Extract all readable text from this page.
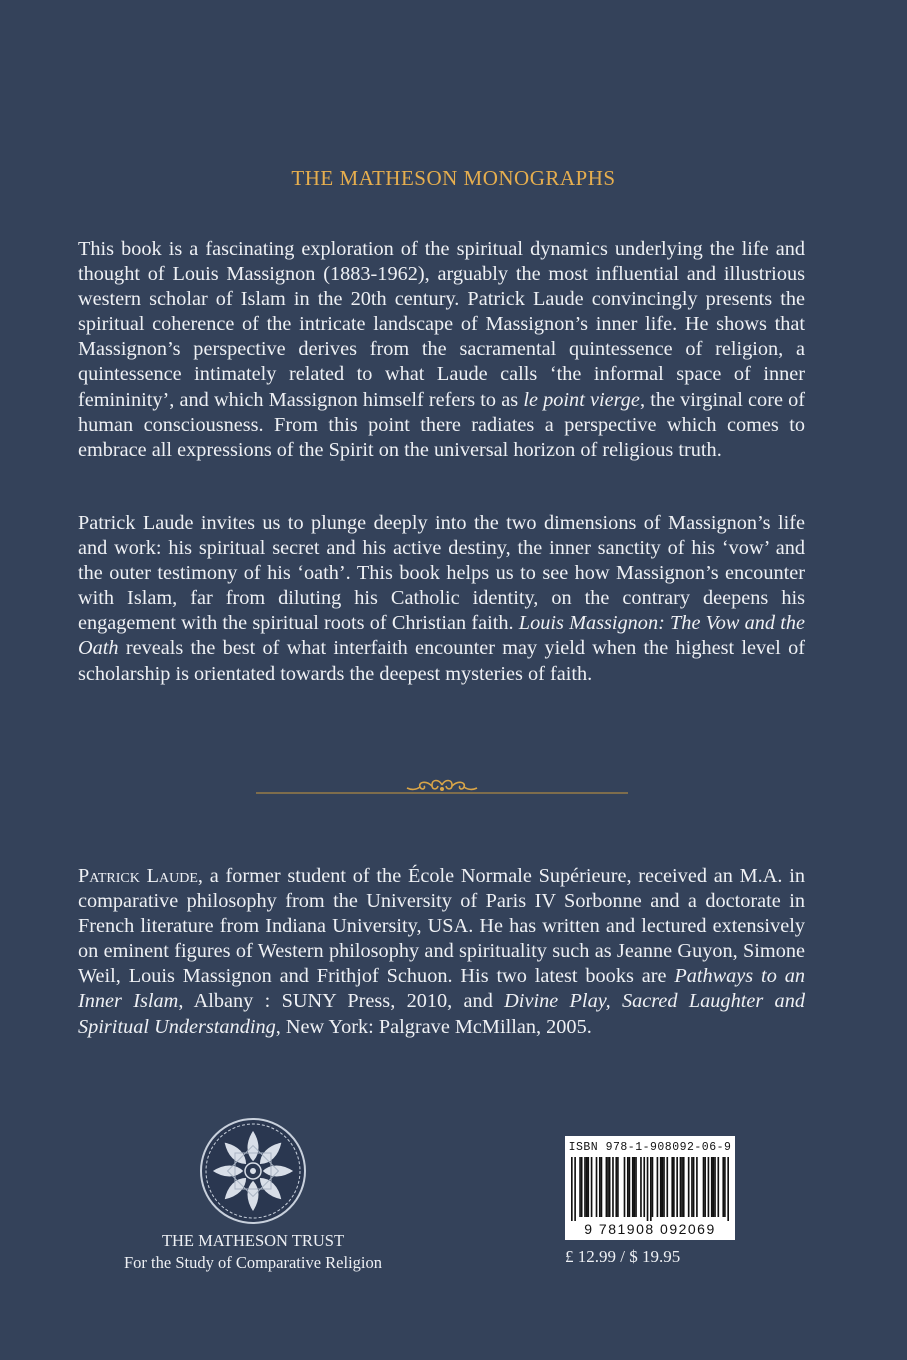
THE MATHESON MONOGRAPHS

This book is a fascinating exploration of the spiritual dynamics underlying the life and thought of Louis Massignon (1883-1962), arguably the most influential and illustrious western scholar of Islam in the 20th century. Patrick Laude convincingly presents the spiritual coherence of the intricate landscape of Massignon’s inner life. He shows that Massignon’s perspective derives from the sacramental quintessence of religion, a quintessence intimately related to what Laude calls ‘the informal space of inner femininity’, and which Massignon himself refers to as le point vierge, the virginal core of human consciousness. From this point there radiates a perspective which comes to embrace all expressions of the Spirit on the universal horizon of religious truth.

Patrick Laude invites us to plunge deeply into the two dimensions of Massignon’s life and work: his spiritual secret and his active destiny, the inner sanctity of his ‘vow’ and the outer testimony of his ‘oath’. This book helps us to see how Massignon’s encounter with Islam, far from diluting his Catholic identity, on the contrary deepens his engagement with the spiritual roots of Christian faith. Louis Massignon: The Vow and the Oath reveals the best of what interfaith encounter may yield when the highest level of scholarship is orientated towards the deepest mysteries of faith.

Patrick Laude, a former student of the École Normale Supérieure, received an M.A. in comparative philosophy from the University of Paris IV Sorbonne and a doctorate in French literature from Indiana University, USA. He has written and lectured extensively on eminent figures of Western philosophy and spirituality such as Jeanne Guyon, Simone Weil, Louis Massignon and Frithjof Schuon. His two latest books are Pathways to an Inner Islam, Albany : SUNY Press, 2010, and Divine Play, Sacred Laughter and Spiritual Understanding, New York: Palgrave McMillan, 2005.
THE MATHESON TRUST
For the Study of Comparative Religion
ISBN 978-1-908092-06-9
9 781908 092069
£ 12.99 / $ 19.95
